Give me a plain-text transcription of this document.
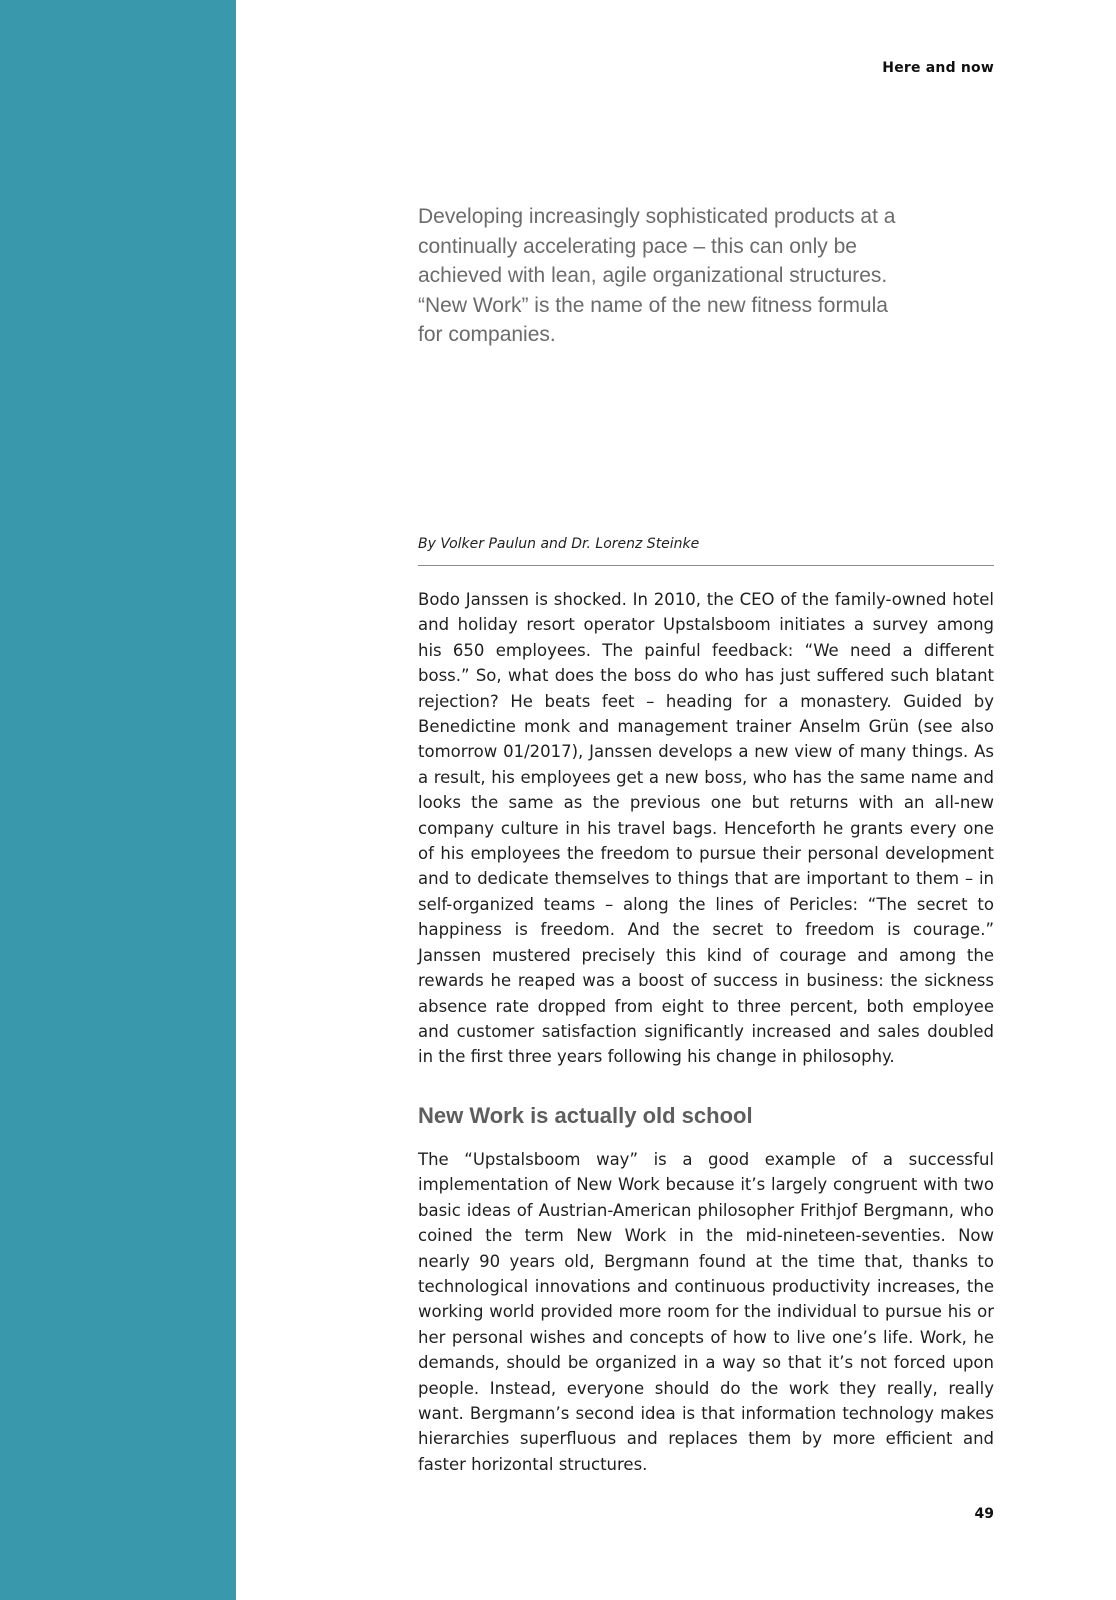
Here and now

Developing increasingly sophisticated products at a continually accelerating pace – this can only be achieved with lean, agile organizational structures. “New Work” is the name of the new fitness formula for companies.

By Volker Paulun and Dr. Lorenz Steinke

Bodo Janssen is shocked. In 2010, the CEO of the family-owned hotel and holiday resort operator Upstalsboom initiates a survey among his 650 employees. The painful feedback: “We need a different boss.” So, what does the boss do who has just suffered such blatant rejection? He beats feet – heading for a monastery. Guided by Benedictine monk and management trainer Anselm Grün (see also tomorrow 01/2017), Janssen develops a new view of many things. As a result, his employees get a new boss, who has the same name and looks the same as the previous one but returns with an all-new company culture in his travel bags. Henceforth he grants every one of his employees the freedom to pursue their personal development and to dedicate themselves to things that are important to them – in self-organized teams – along the lines of Pericles: “The secret to happiness is freedom. And the secret to freedom is courage.” Janssen mustered precisely this kind of courage and among the rewards he reaped was a boost of success in business: the sickness absence rate dropped from eight to three percent, both employee and customer satisfaction significantly increased and sales doubled in the first three years following his change in philosophy.

New Work is actually old school

The “Upstalsboom way” is a good example of a successful implementation of New Work because it’s largely congruent with two basic ideas of Austrian-American philosopher Frithjof Bergmann, who coined the term New Work in the mid-nineteen-seventies. Now nearly 90 years old, Bergmann found at the time that, thanks to technological innovations and continuous productivity increases, the working world provided more room for the individual to pursue his or her personal wishes and concepts of how to live one’s life. Work, he demands, should be organized in a way so that it’s not forced upon people. Instead, everyone should do the work they really, really want. Bergmann’s second idea is that information technology makes hierarchies superfluous and replaces them by more efficient and faster horizontal structures.

49
